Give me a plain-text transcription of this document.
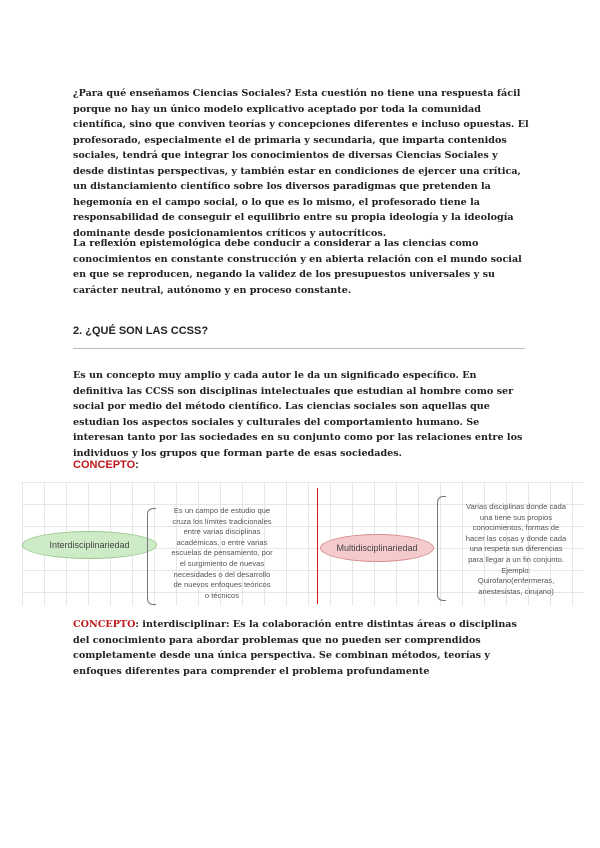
¿Para qué enseñamos Ciencias Sociales? Esta cuestión no tiene una respuesta fácil porque no hay un único modelo explicativo aceptado por toda la comunidad científica, sino que conviven teorías y concepciones diferentes e incluso opuestas. El profesorado, especialmente el de primaria y secundaria, que imparta contenidos sociales, tendrá que integrar los conocimientos de diversas Ciencias Sociales y desde distintas perspectivas, y también estar en condiciones de ejercer una crítica, un distanciamiento científico sobre los diversos paradigmas que pretenden la hegemonía en el campo social, o lo que es lo mismo, el profesorado tiene la responsabilidad de conseguir el equilibrio entre su propia ideología y la ideología dominante desde posicionamientos críticos y autocríticos.

La reflexión epistemológica debe conducir a considerar a las ciencias como conocimientos en constante construcción y en abierta relación con el mundo social en que se reproducen, negando la validez de los presupuestos universales y su carácter neutral, autónomo y en proceso constante.

2. ¿QUÉ SON LAS CCSS?

Es un concepto muy amplio y cada autor le da un significado específico. En definitiva las CCSS son disciplinas intelectuales que estudian al hombre como ser social por medio del método científico. Las ciencias sociales son aquellas que estudian los aspectos sociales y culturales del comportamiento humano. Se interesan tanto por las sociedades en su conjunto como por las relaciones entre los individuos y los grupos que forman parte de esas sociedades.

CONCEPTO:
Interdisciplinariedad
Es un campo de estudio que
cruza los límites tradicionales
entre varias disciplinas
académicas, o entre varias
escuelas de pensamiento, por
el surgimiento de nuevas
necesidades o del desarrollo
de nuevos enfoques teóricos
o técnicos
Multidisciplinariedad
Varias disciplinas donde cada
una tiene sus propios
conocimientos, formas de
hacer las cosas y donde cada
una respeta sus diferencias
para llegar a un fin conjunto.
Ejemplo:
Quirofano(enfermeras,
anestesistas, cirujano)

CONCEPTO: interdisciplinar: Es la colaboración entre distintas áreas o disciplinas del conocimiento para abordar problemas que no pueden ser comprendidos completamente desde una única perspectiva. Se combinan métodos, teorías y enfoques diferentes para comprender el problema profundamente
